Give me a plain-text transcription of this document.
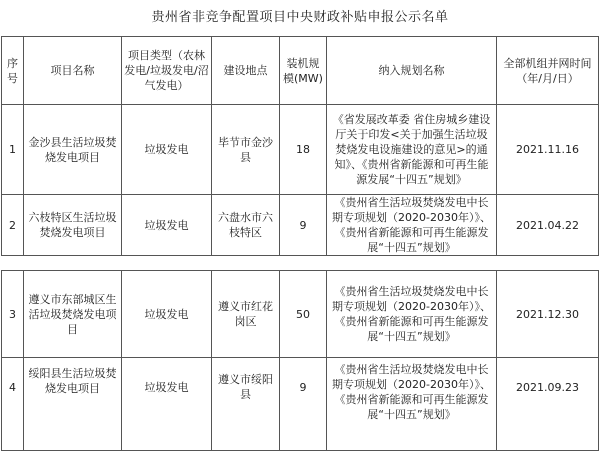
贵州省非竞争配置项目中央财政补贴申报公示名单
序号	项目名称	项目类型（农林发电/垃圾发电/沼气发电）	建设地点	装机规模(MW)	纳入规划名称	全部机组并网时间（年/月/日）
1	金沙县生活垃圾焚烧发电项目	垃圾发电	毕节市金沙县	18	《省发展改革委 省住房城乡建设厅关于印发<关于加强生活垃圾焚烧发电设施建设的意见>的通知》、《贵州省新能源和可再生能源发展“十四五”规划》	2021.11.16
2	六枝特区生活垃圾焚烧发电项目	垃圾发电	六盘水市六枝特区	9	《贵州省生活垃圾焚烧发电中长期专项规划（2020-2030年）》、《贵州省新能源和可再生能源发展“十四五”规划》	2021.04.22

3	遵义市东部城区生活垃圾焚烧发电项目	垃圾发电	遵义市红花岗区	50	《贵州省生活垃圾焚烧发电中长期专项规划（2020-2030年）》、《贵州省新能源和可再生能源发展“十四五”规划》	2021.12.30
4	绥阳县生活垃圾焚烧发电项目	垃圾发电	遵义市绥阳县	9	《贵州省生活垃圾焚烧发电中长期专项规划（2020-2030年）》、《贵州省新能源和可再生能源发展“十四五”规划》	2021.09.23
